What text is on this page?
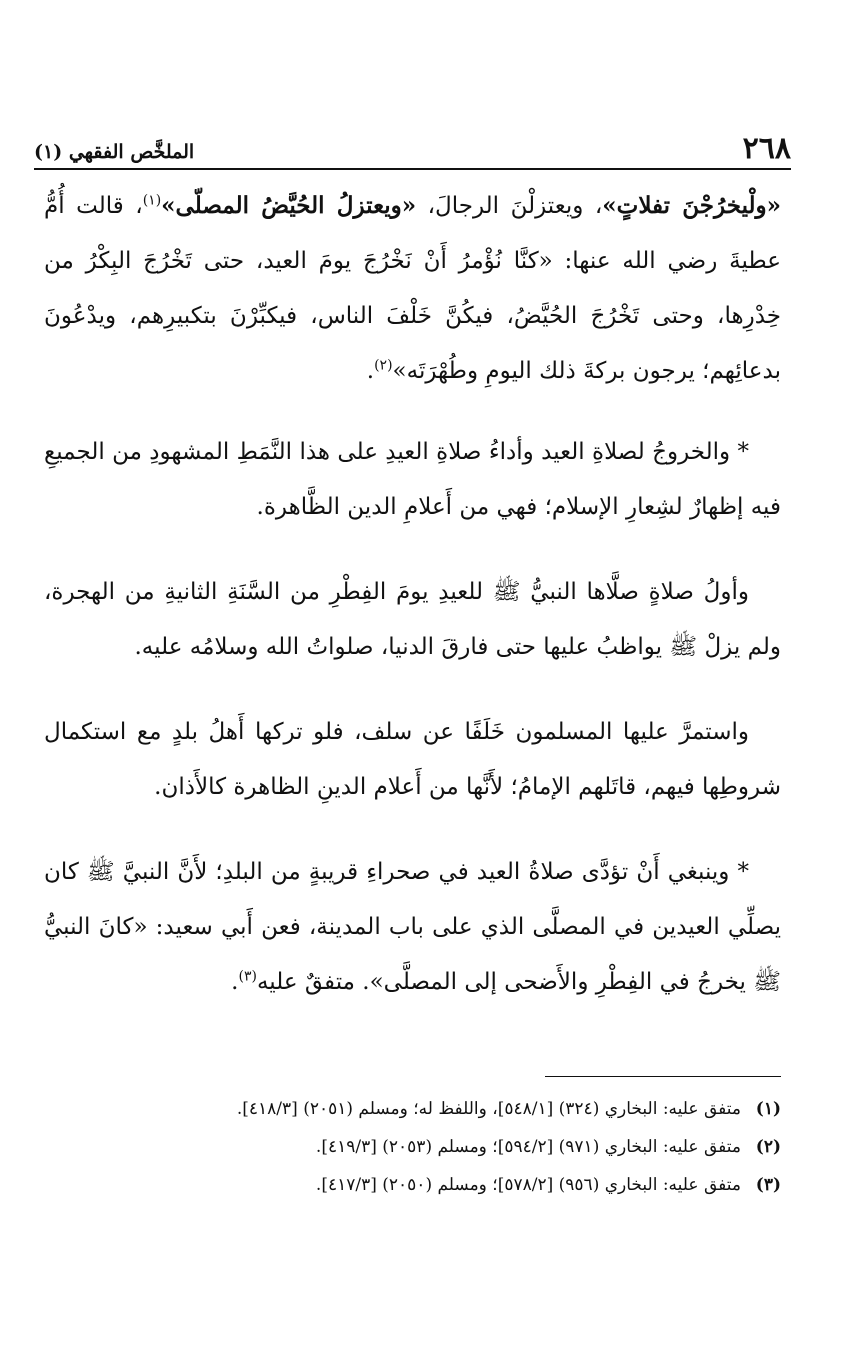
٢٦٨
الملخَّص الفقهي (١)

«ولْيخرُجْنَ تفلاتٍ»، ويعتزلْنَ الرجالَ، «ويعتزلُ الحُيَّضُ المصلّى»$^{(١)}$، قالت أُمُّ عطيةَ رضي الله عنها: «كنَّا نُؤْمرُ أَنْ نَخْرُجَ يومَ العيد، حتى تَخْرُجَ البِكْرُ من خِدْرِها، وحتى تَخْرُجَ الحُيَّضُ، فيكُنَّ خَلْفَ الناس، فيكبِّرْنَ بتكبيرِهم، ويدْعُونَ بدعائِهم؛ يرجون بركةَ ذلك اليومِ وطُهْرَتَه»$^{(٢)}$.

* والخروجُ لصلاةِ العيد وأداءُ صلاةِ العيدِ على هذا النَّمَطِ المشهودِ من الجميعِ فيه إظهارٌ لشِعارِ الإسلام؛ فهي من أَعلامِ الدين الظَّاهرة.

وأولُ صلاةٍ صلَّاها النبيُّ ﷺ للعيدِ يومَ الفِطْرِ من السَّنَةِ الثانيةِ من الهجرة، ولم يزلْ ﷺ يواظبُ عليها حتى فارقَ الدنيا، صلواتُ الله وسلامُه عليه.

واستمرَّ عليها المسلمون خَلَفًا عن سلف، فلو تركها أَهلُ بلدٍ مع استكمال شروطِها فيهم، قاتَلهم الإمامُ؛ لأَنَّها من أَعلام الدينِ الظاهرة كالأَذان.

* وينبغي أَنْ تؤدَّى صلاةُ العيد في صحراءِ قريبةٍ من البلدِ؛ لأَنَّ النبيَّ ﷺ كان يصلِّي العيدين في المصلَّى الذي على باب المدينة، فعن أَبي سعيد: «كانَ النبيُّ ﷺ يخرجُ في الفِطْرِ والأَضحى إلى المصلَّى». متفقٌ عليه$^{(٣)}$.

(١)
متفق عليه: البخاري (٣٢٤) [٥٤٨/١]، واللفظ له؛ ومسلم (٢٠٥١) [٤١٨/٣].
(٢)
متفق عليه: البخاري (٩٧١) [٥٩٤/٢]؛ ومسلم (٢٠٥٣) [٤١٩/٣].
(٣)
متفق عليه: البخاري (٩٥٦) [٥٧٨/٢]؛ ومسلم (٢٠٥٠) [٤١٧/٣].
